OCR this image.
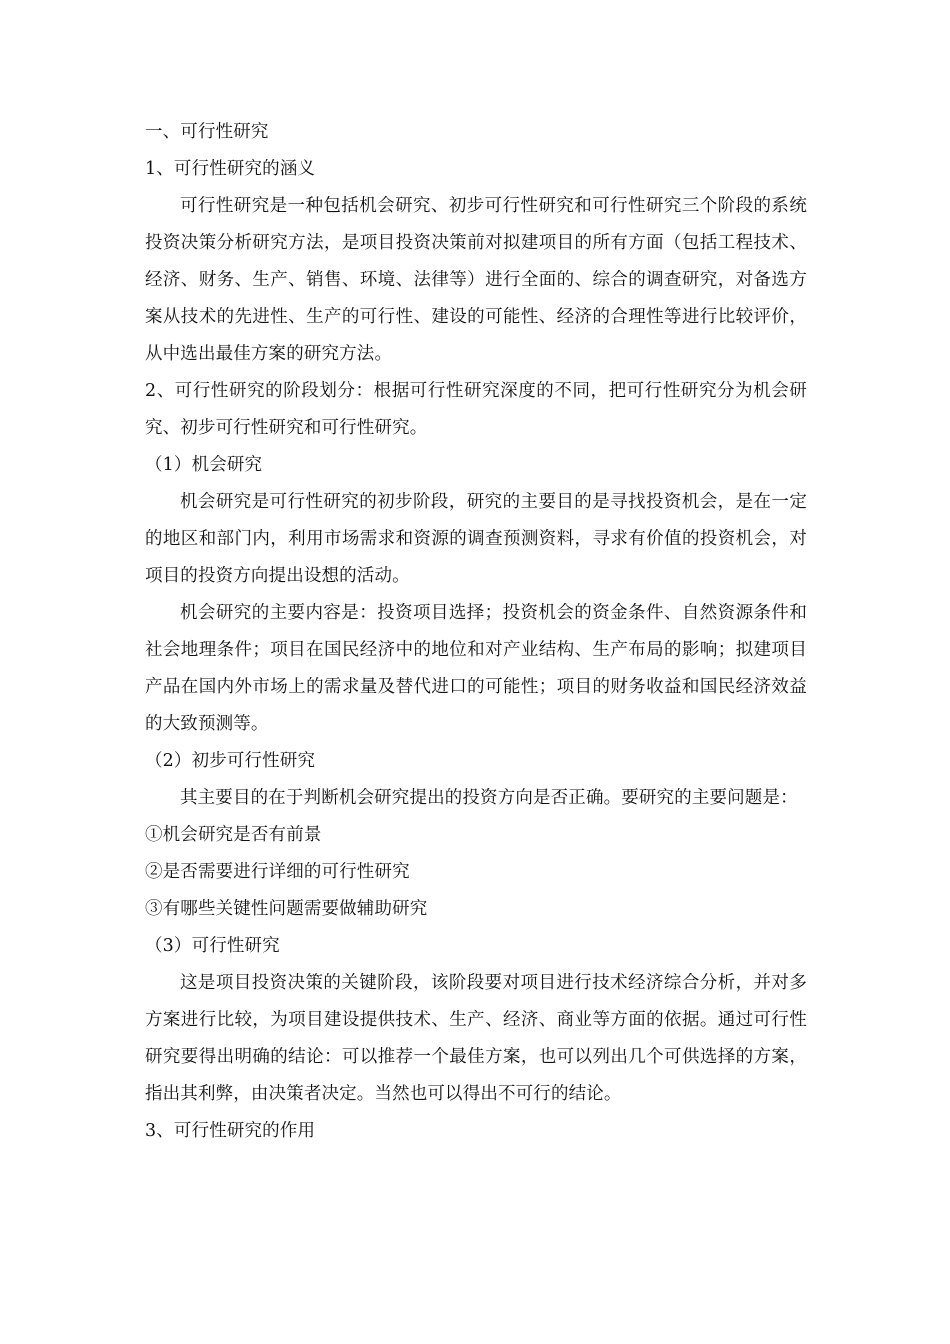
一、可行性研究

1、可行性研究的涵义

可行性研究是一种包括机会研究、初步可行性研究和可行性研究三个阶段的系统投资决策分析研究方法，是项目投资决策前对拟建项目的所有方面（包括工程技术、经济、财务、生产、销售、环境、法律等）进行全面的、综合的调查研究，对备选方案从技术的先进性、生产的可行性、建设的可能性、经济的合理性等进行比较评价，从中选出最佳方案的研究方法。

2、可行性研究的阶段划分：根据可行性研究深度的不同，把可行性研究分为机会研究、初步可行性研究和可行性研究。

（1）机会研究

机会研究是可行性研究的初步阶段，研究的主要目的是寻找投资机会，是在一定的地区和部门内，利用市场需求和资源的调查预测资料，寻求有价值的投资机会，对项目的投资方向提出设想的活动。

机会研究的主要内容是：投资项目选择；投资机会的资金条件、自然资源条件和社会地理条件；项目在国民经济中的地位和对产业结构、生产布局的影响；拟建项目产品在国内外市场上的需求量及替代进口的可能性；项目的财务收益和国民经济效益的大致预测等。

（2）初步可行性研究

其主要目的在于判断机会研究提出的投资方向是否正确。要研究的主要问题是：

①机会研究是否有前景

②是否需要进行详细的可行性研究

③有哪些关键性问题需要做辅助研究

（3）可行性研究

这是项目投资决策的关键阶段，该阶段要对项目进行技术经济综合分析，并对多方案进行比较，为项目建设提供技术、生产、经济、商业等方面的依据。通过可行性研究要得出明确的结论：可以推荐一个最佳方案，也可以列出几个可供选择的方案，指出其利弊，由决策者决定。当然也可以得出不可行的结论。

3、可行性研究的作用
